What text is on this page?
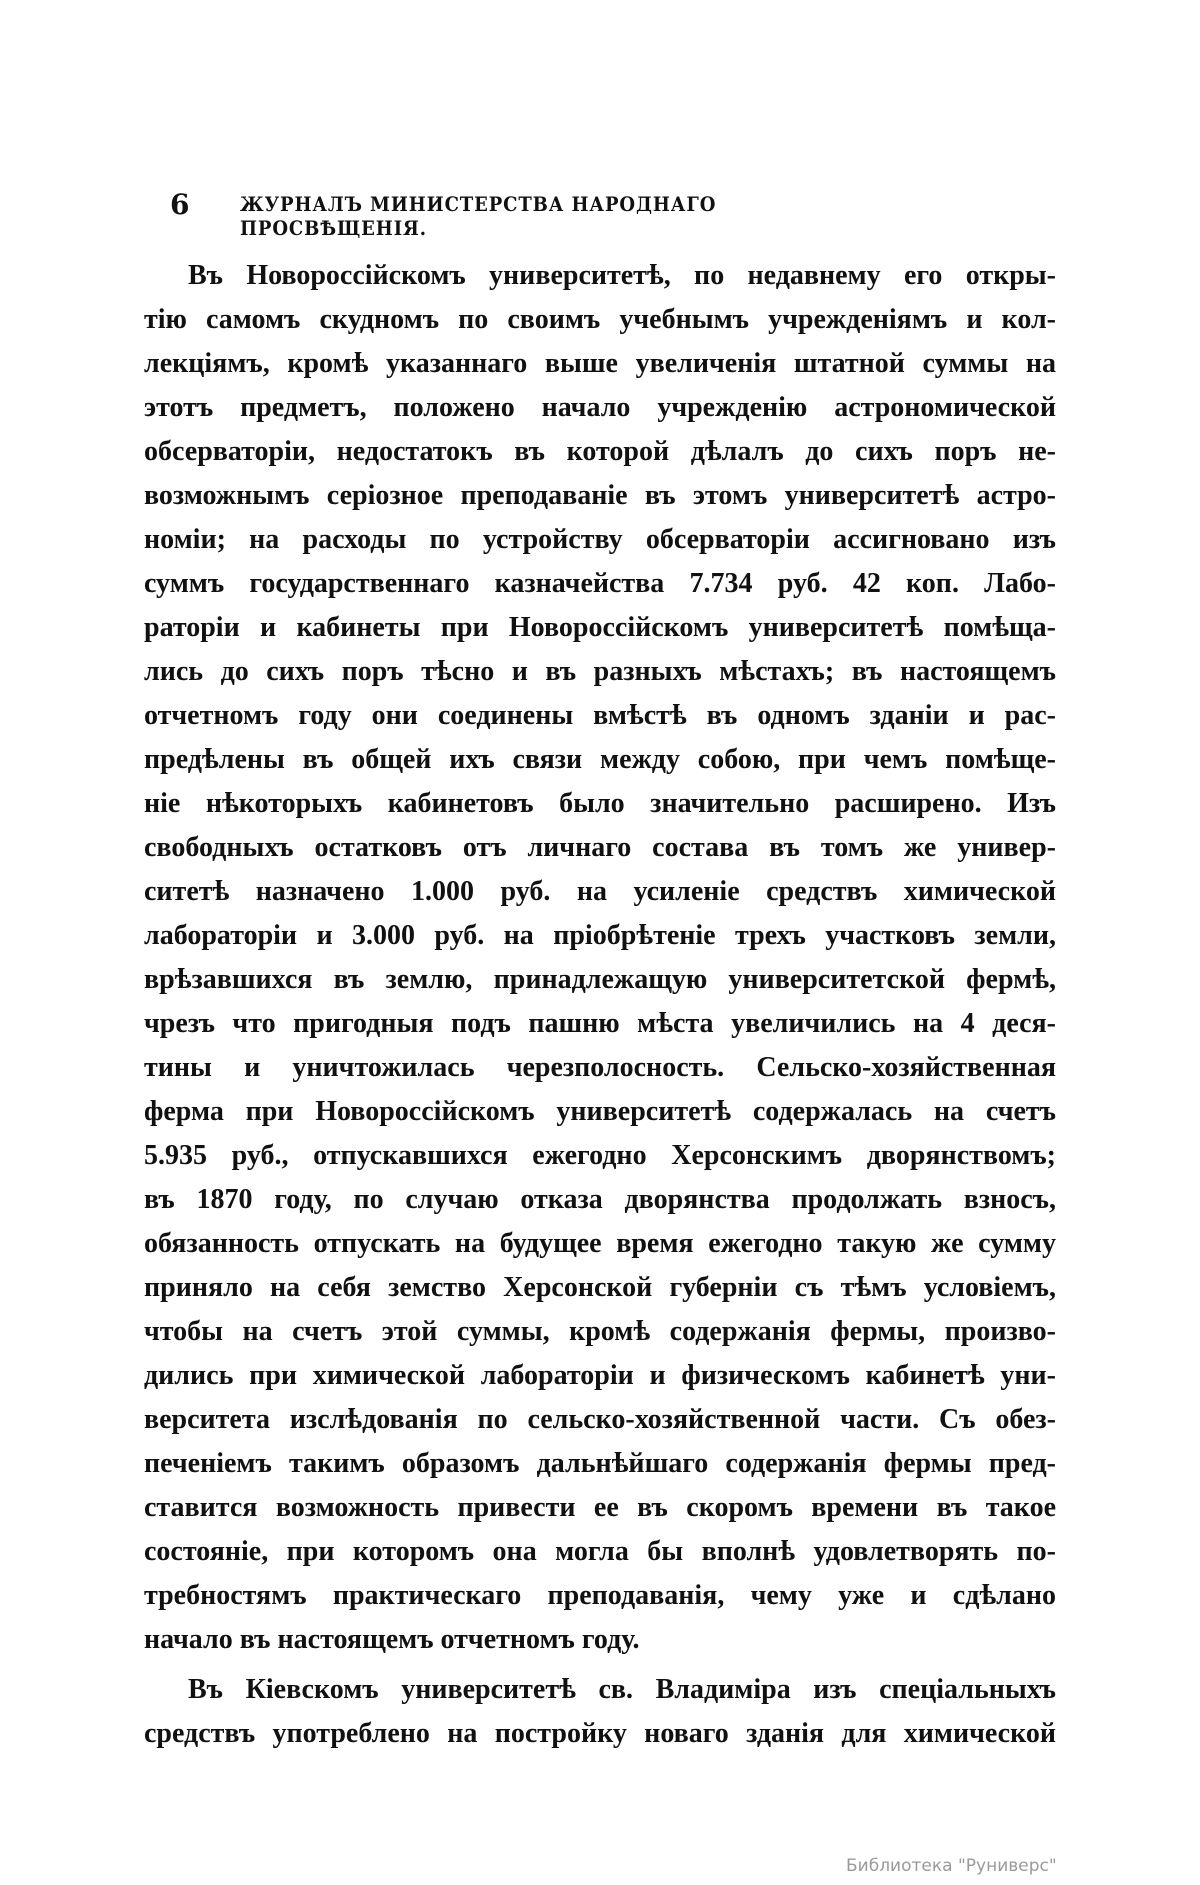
6	ЖУРНАЛЪ МИНИСТЕРСТВА НАРОДНАГО ПРОСВѢЩЕНІЯ.
Въ Новороссійскомъ университетѣ, по недавнему его откры-
тію самомъ скудномъ по своимъ учебнымъ учрежденіямъ и кол-
лекціямъ, кромѣ указаннаго выше увеличенія штатной суммы на
этотъ предметъ, положено начало учрежденію астрономической
обсерваторіи, недостатокъ въ которой дѣлалъ до сихъ поръ не-
возможнымъ серіозное преподаваніе въ этомъ университетѣ астро-
номіи; на расходы по устройству обсерваторіи ассигновано изъ
суммъ государственнаго казначейства 7.734 руб. 42 коп. Лабо-
раторіи и кабинеты при Новороссійскомъ университетѣ помѣща-
лись до сихъ поръ тѣсно и въ разныхъ мѣстахъ; въ настоящемъ
отчетномъ году они соединены вмѣстѣ въ одномъ зданіи и рас-
предѣлены въ общей ихъ связи между собою, при чемъ помѣще-
ніе нѣкоторыхъ кабинетовъ было значительно расширено. Изъ
свободныхъ остатковъ отъ личнаго состава въ томъ же универ-
ситетѣ назначено 1.000 руб. на усиленіе средствъ химической
лабораторіи и 3.000 руб. на пріобрѣтеніе трехъ участковъ земли,
врѣзавшихся въ землю, принадлежащую университетской фермѣ,
чрезъ что пригодныя подъ пашню мѣста увеличились на 4 деся-
тины и уничтожилась черезполосность. Сельско-хозяйственная
ферма при Новороссійскомъ университетѣ содержалась на счетъ
5.935 руб., отпускавшихся ежегодно Херсонскимъ дворянствомъ;
въ 1870 году, по случаю отказа дворянства продолжать взносъ,
обязанность отпускать на будущее время ежегодно такую же сумму
приняло на себя земство Херсонской губерніи съ тѣмъ условіемъ,
чтобы на счетъ этой суммы, кромѣ содержанія фермы, произво-
дились при химической лабораторіи и физическомъ кабинетѣ уни-
верситета изслѣдованія по сельско-хозяйственной части. Съ обез-
печеніемъ такимъ образомъ дальнѣйшаго содержанія фермы пред-
ставится возможность привести ее въ скоромъ времени въ такое
состояніе, при которомъ она могла бы вполнѣ удовлетворять по-
требностямъ практическаго преподаванія, чему уже и сдѣлано
начало въ настоящемъ отчетномъ году.
Въ Кіевскомъ университетѣ св. Владиміра изъ спеціальныхъ
средствъ употреблено на постройку новаго зданія для химической
Библиотека "Руниверс"
